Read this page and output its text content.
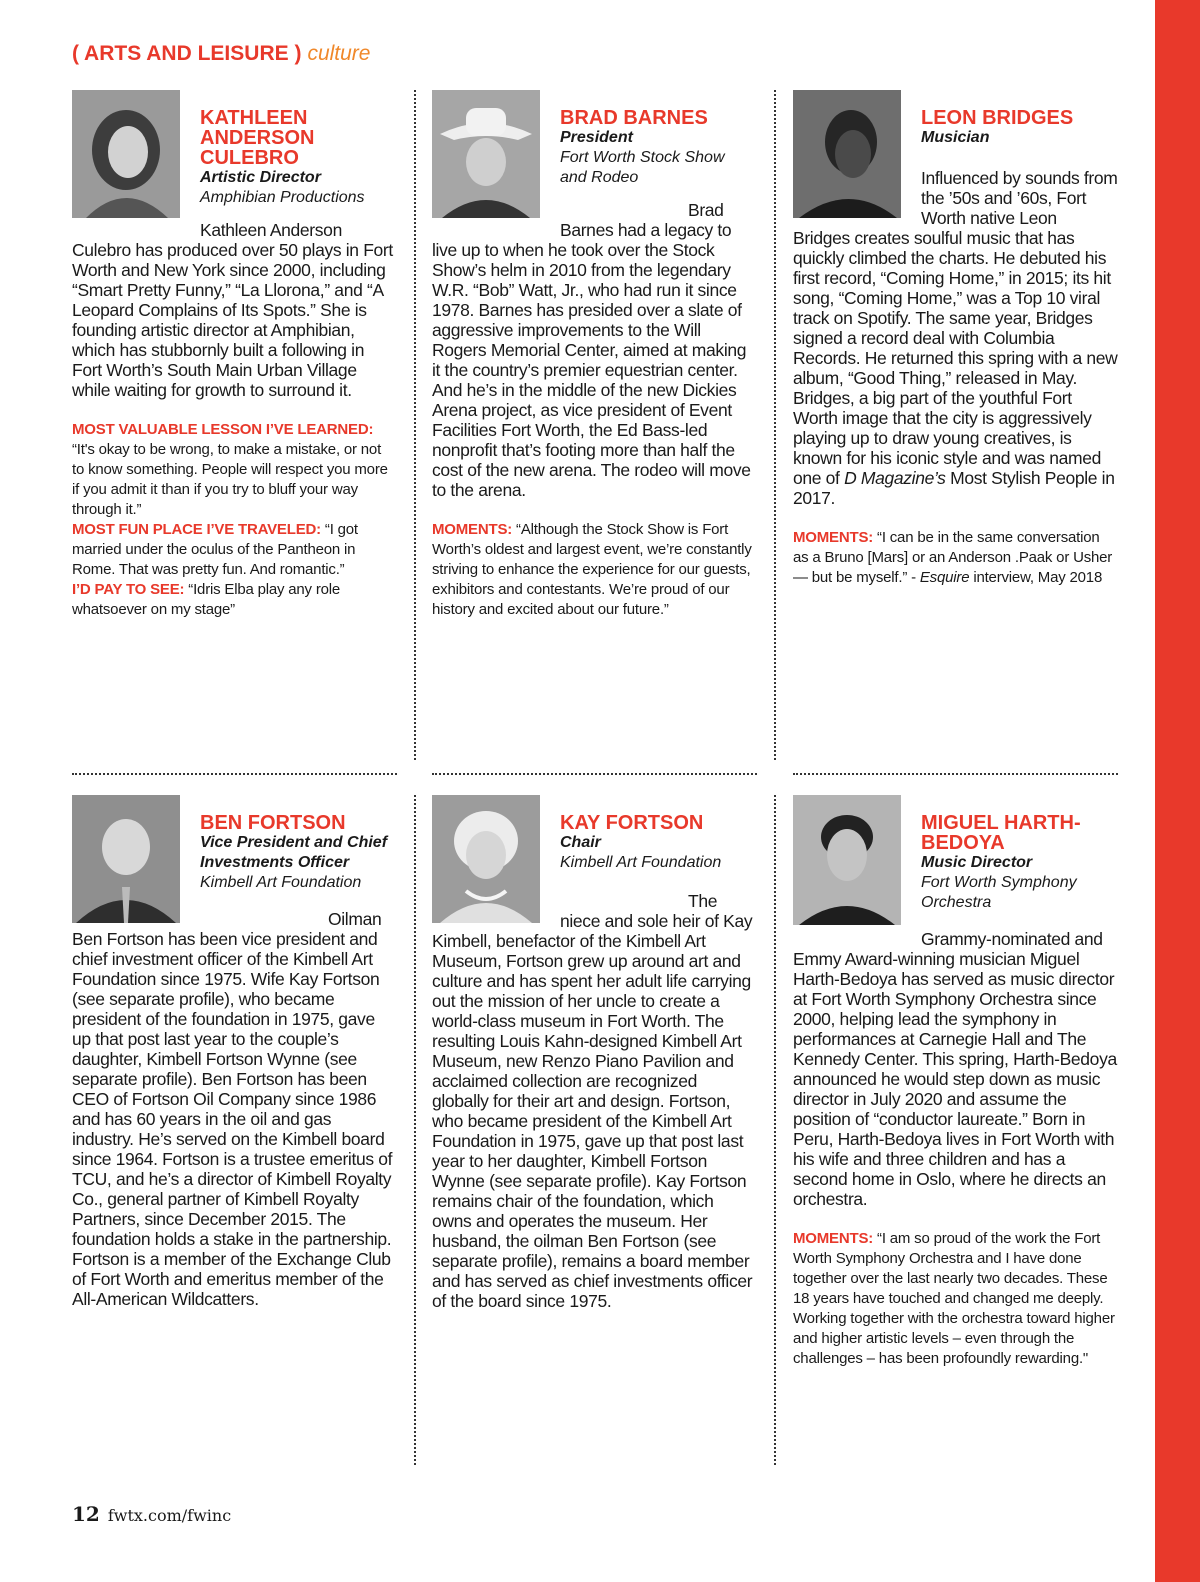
( ARTS AND LEISURE ) culture
KATHLEEN ANDERSON CULEBRO
Artistic Director
Amphibian Productions

Kathleen Anderson Culebro has produced over 50 plays in Fort Worth and New York since 2000, including “Smart Pretty Funny,” “La Llorona,” and “A Leopard Complains of Its Spots.” She is founding artistic director at Amphibian, which has stubbornly built a following in Fort Worth’s South Main Urban Village while waiting for growth to surround it.

MOST VALUABLE LESSON I’VE LEARNED:
“It's okay to be wrong, to make a mistake, or not to know something. People will respect you more if you admit it than if you try to bluff your way through it.”

MOST FUN PLACE I’VE TRAVELED: “I got married under the oculus of the Pantheon in Rome. That was pretty fun. And romantic.”

I’D PAY TO SEE: “Idris Elba play any role whatsoever on my stage”

BRAD BARNES
President
Fort Worth Stock Show and Rodeo

Brad Barnes had a legacy to live up to when he took over the Stock Show’s helm in 2010 from the legendary W.R. “Bob” Watt, Jr., who had run it since 1978. Barnes has presided over a slate of aggressive improvements to the Will Rogers Memorial Center, aimed at making it the country’s premier equestrian center. And he’s in the middle of the new Dickies Arena project, as vice president of Event Facilities Fort Worth, the Ed Bass-led nonprofit that’s footing more than half the cost of the new arena. The rodeo will move to the arena.

MOMENTS: “Although the Stock Show is Fort Worth’s oldest and largest event, we’re constantly striving to enhance the experience for our guests, exhibitors and contestants. We’re proud of our history and excited about our future.”

LEON BRIDGES
Musician

Influenced by sounds from the ’50s and ’60s, Fort Worth native Leon Bridges creates soulful music that has quickly climbed the charts. He debuted his first record, “Coming Home,” in 2015; its hit song, “Coming Home,” was a Top 10 viral track on Spotify. The same year, Bridges signed a record deal with Columbia Records. He returned this spring with a new album, “Good Thing,” released in May. Bridges, a big part of the youthful Fort Worth image that the city is aggressively playing up to draw young creatives, is known for his iconic style and was named one of D Magazine’s Most Stylish People in 2017.

MOMENTS: “I can be in the same conversation as a Bruno [Mars] or an Anderson .Paak or Usher — but be myself.” - Esquire interview, May 2018

BEN FORTSON
Vice President and Chief Investments Officer
Kimbell Art Foundation

Oilman Ben Fortson has been vice president and chief investment officer of the Kimbell Art Foundation since 1975. Wife Kay Fortson (see separate profile), who became president of the foundation in 1975, gave up that post last year to the couple’s daughter, Kimbell Fortson Wynne (see separate profile). Ben Fortson has been CEO of Fortson Oil Company since 1986 and has 60 years in the oil and gas industry. He’s served on the Kimbell board since 1964. Fortson is a trustee emeritus of TCU, and he’s a director of Kimbell Royalty Co., general partner of Kimbell Royalty Partners, since December 2015. The foundation holds a stake in the partnership. Fortson is a member of the Exchange Club of Fort Worth and emeritus member of the All-American Wildcatters.

KAY FORTSON
Chair
Kimbell Art Foundation

The niece and sole heir of Kay Kimbell, benefactor of the Kimbell Art Museum, Fortson grew up around art and culture and has spent her adult life carrying out the mission of her uncle to create a world-class museum in Fort Worth. The resulting Louis Kahn-designed Kimbell Art Museum, new Renzo Piano Pavilion and acclaimed collection are recognized globally for their art and design. Fortson, who became president of the Kimbell Art Foundation in 1975, gave up that post last year to her daughter, Kimbell Fortson Wynne (see separate profile). Kay Fortson remains chair of the foundation, which owns and operates the museum. Her husband, the oilman Ben Fortson (see separate profile), remains a board member and has served as chief investments officer of the board since 1975.

MIGUEL HARTH-BEDOYA
Music Director
Fort Worth Symphony Orchestra

Grammy-nominated and Emmy Award-winning musician Miguel Harth-Bedoya has served as music director at Fort Worth Symphony Orchestra since 2000, helping lead the symphony in performances at Carnegie Hall and The Kennedy Center. This spring, Harth-Bedoya announced he would step down as music director in July 2020 and assume the position of “conductor laureate.” Born in Peru, Harth-Bedoya lives in Fort Worth with his wife and three children and has a second home in Oslo, where he directs an orchestra.

MOMENTS: “I am so proud of the work the Fort Worth Symphony Orchestra and I have done together over the last nearly two decades. These 18 years have touched and changed me deeply. Working together with the orchestra toward higher and higher artistic levels – even through the challenges – has been profoundly rewarding."

12 fwtx.com/fwinc
